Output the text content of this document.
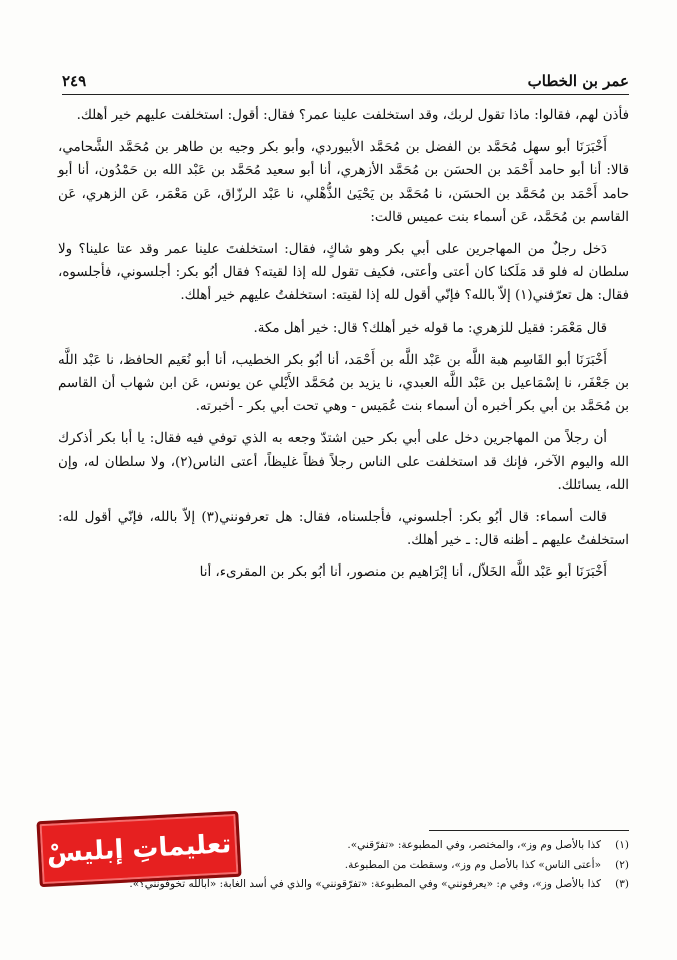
عمر بن الخطاب
٢٤٩

فأذن لهم، فقالوا: ماذا تقول لربك، وقد استخلفت علينا عمر؟ فقال: أقول: استخلفت عليهم خير أهلك.

أَخْبَرَنَا أبو سهل مُحَمَّد بن الفضل بن مُحَمَّد الأبيوردي، وأبو بكر وجيه بن طاهر بن مُحَمَّد الشَّحامي، قالا: أنا أبو حامد أَحْمَد بن الحسَن بن مُحَمَّد الأزهري، أنا أبو سعيد مُحَمَّد بن عَبْد الله بن حَمْدُون، أنا أبو حامد أَحْمَد بن مُحَمَّد بن الحسَن، نا مُحَمَّد بن يَحْيَىٰ الذُّهْلي، نا عَبْد الرزّاق، عَن مَعْمَر، عَن الزهري، عَن القاسم بن مُحَمَّد، عَن أسماء بنت عميس قالت:

دَخل رجلٌ من المهاجرين على أبي بكر وهو شاكٍ، فقال: استخلفتَ علينا عمر وقد عتا علينا؟ ولا سلطان له فلو قد مَلَكنا كان أعتى وأعتى، فكيف تقول لله إذا لقيته؟ فقال أبُو بكر: أجلسوني، فأجلسوه، فقال: هل تعرّفني(١) إلاّ بالله؟ فإنّي أقول لله إذا لقيته: استخلفتُ عليهم خير أهلك.

قال مَعْمَر: فقيل للزهري: ما قوله خير أهلك؟ قال: خير أهل مكة.

أَخْبَرَنَا أبو القَاسِم هبة اللَّه بن عَبْد اللَّه بن أَحْمَد، أنا أبُو بكر الخطيب، أنا أبو نُعَيم الحافظ، نا عَبْد اللَّه بن جَعْفَر، نا إسْمَاعيل بن عَبْد اللَّه العبدي، نا يزيد بن مُحَمَّد الأَيْلي عن يونس، عَن ابن شهاب أن القاسم بن مُحَمَّد بن أبي بكر أخبره أن أسماء بنت عُمَيس - وهي تحت أبي بكر - أخبرته.

أن رجلاً من المهاجرين دخل على أبي بكر حين اشتدّ وجعه به الذي توفي فيه فقال: يا أبا بكر أذكرك الله واليوم الآخر، فإنك قد استخلفت على الناس رجلاً فظاً غليظاً، أعتى الناس(٢)، ولا سلطان له، وإن الله، يسائلك.

قالت أسماء: قال أبُو بكر: أجلسوني، فأجلسناه، فقال: هل تعرفونني(٣) إلاّ بالله، فإنّي أقول لله: استخلفتُ عليهم ـ أظنه قال: ـ خير أهلك.

أَخْبَرَنَا أبو عَبْد اللَّه الخَلاّل، أنا إبْرَاهيم بن منصور، أنا أبُو بكر بن المقرىء، أنا

(١)
كذا بالأصل وم وز»، والمختصر، وفي المطبوعة: «تفرّقني».
(٢)
«أعتى الناس» كذا بالأصل وم وز»، وسقطت من المطبوعة.
(٣)
كذا بالأصل وز»، وفي م: «يعرفونني» وفي المطبوعة: «تفرّقونني» والذي في أسد الغابة: «أبالله تخوفونني؟».
تعليماتِ إبليسْ
